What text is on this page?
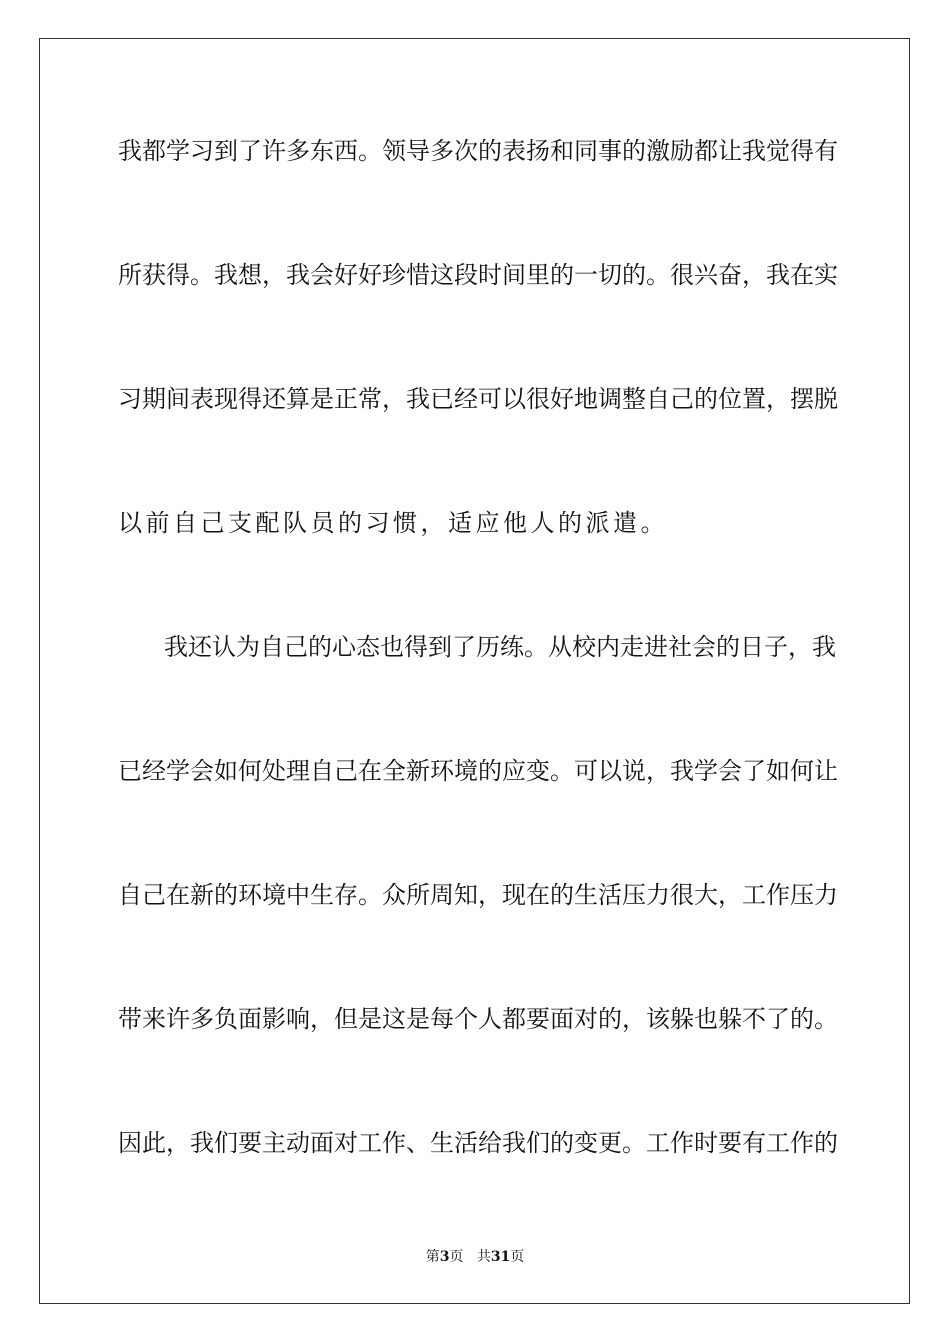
我都学习到了许多东西。领导多次的表扬和同事的激励都让我觉得有
所获得。我想，我会好好珍惜这段时间里的一切的。很兴奋，我在实
习期间表现得还算是正常，我已经可以很好地调整自己的位置，摆脱
以前自己支配队员的习惯，适应他人的派遣。
我还认为自己的心态也得到了历练。从校内走进社会的日子，我
已经学会如何处理自己在全新环境的应变。可以说，我学会了如何让
自己在新的环境中生存。众所周知，现在的生活压力很大，工作压力
带来许多负面影响，但是这是每个人都要面对的，该躲也躲不了的。
因此，我们要主动面对工作、生活给我们的变更。工作时要有工作的
第3页 共31页
